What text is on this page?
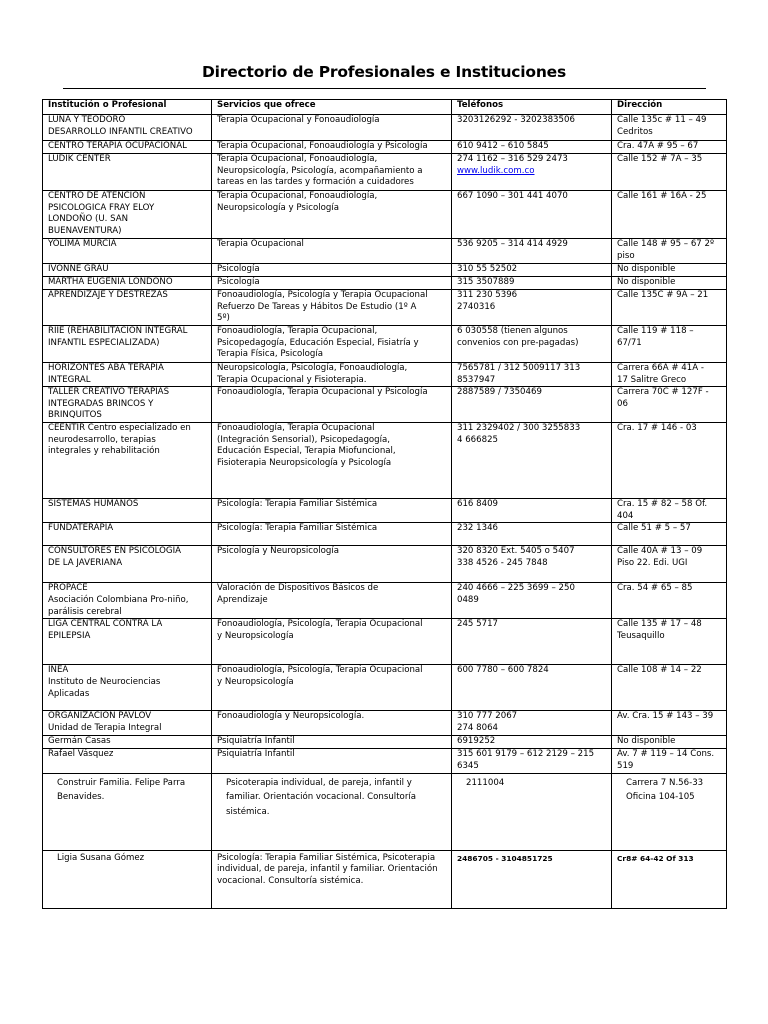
Directorio de Profesionales e Instituciones
Institución o Profesional	Servicios que ofrece	Teléfonos	Dirección

LUNA Y TEODORO
DESARROLLO INFANTIL CREATIVO	Terapia Ocupacional y Fonoaudiología	3203126292 - 3202383506	Calle 135c # 11 – 49
Cedritos

CENTRO TERAPIA OCUPACIONAL	Terapia Ocupacional, Fonoaudiología y Psicología	610 9412 – 610 5845	Cra. 47A # 95 – 67

LUDIK CENTER	Terapia Ocupacional, Fonoaudiología,
Neuropsicología, Psicología, acompañamiento a
tareas en las tardes y formación a cuidadores	274 1162 – 316 529 2473
www.ludik.com.co	Calle 152 # 7A – 35

CENTRO DE ATENCION
PSICOLOGICA FRAY ELOY
LONDOÑO (U. SAN
BUENAVENTURA)	Terapia Ocupacional, Fonoaudiología,
Neuropsicología y Psicología	667 1090 – 301 441 4070	Calle 161 # 16A - 25

YOLIMA MURCIA	Terapia Ocupacional	536 9205 – 314 414 4929	Calle 148 # 95 – 67 2º
piso

IVONNE GRAU	Psicología	310 55 52502	No disponible

MARTHA EUGENIA LONDOÑO	Psicología	315 3507889	No disponible

APRENDIZAJE Y DESTREZAS	Fonoaudiología, Psicología y Terapia Ocupacional
Refuerzo De Tareas y Hábitos De Estudio (1º A
5º)	311 230 5396
2740316	Calle 135C # 9A – 21

RIIE (REHABILITACIÓN INTEGRAL
INFANTIL ESPECIALIZADA)	Fonoaudiología, Terapia Ocupacional,
Psicopedagogía, Educación Especial, Fisiatría y
Terapia Física, Psicología	6 030558 (tienen algunos
convenios con pre-pagadas)	Calle 119 # 118 –
67/71

HORIZONTES ABA TERAPIA
INTEGRAL	Neuropsicología, Psicología, Fonoaudiología,
Terapia Ocupacional y Fisioterapia.	7565781 / 312 5009117 313
8537947	Carrera 66A # 41A -
17 Salitre Greco

TALLER CREATIVO TERAPIAS
INTEGRADAS BRINCOS Y
BRINQUITOS	Fonoaudiología, Terapia Ocupacional y Psicología	2887589 / 7350469	Carrera 70C # 127F -
06

CEENTIR Centro especializado en
neurodesarrollo, terapias
integrales y rehabilitación	Fonoaudiología, Terapia Ocupacional
(Integración Sensorial), Psicopedagogía,
Educación Especial, Terapia Miofuncional,
Fisioterapia Neuropsicología y Psicología	311 2329402 / 300 3255833
4 666825	Cra. 17 # 146 - 03

SISTEMAS HUMANOS	Psicología: Terapia Familiar Sistémica	616 8409	Cra. 15 # 82 – 58 Of.
404

FUNDATERAPIA	Psicología: Terapia Familiar Sistémica	232 1346	Calle 51 # 5 – 57

CONSULTORES EN PSICOLOGÍA
DE LA JAVERIANA	Psicología y Neuropsicología	320 8320 Ext. 5405 o 5407
338 4526 - 245 7848	Calle 40A # 13 – 09
Piso 22. Edi. UGI

PROPACE
Asociación Colombiana Pro-niño,
parálisis cerebral	Valoración de Dispositivos Básicos de
Aprendizaje	240 4666 – 225 3699 – 250
0489	Cra. 54 # 65 – 85

LIGA CENTRAL CONTRA LA
EPILEPSIA	Fonoaudiología, Psicología, Terapia Ocupacional
y Neuropsicología	245 5717	Calle 135 # 17 – 48
Teusaquillo

INEA
Instituto de Neurociencias
Aplicadas	Fonoaudiología, Psicología, Terapia Ocupacional
y Neuropsicología	600 7780 – 600 7824	Calle 108 # 14 – 22

ORGANIZACIÓN PAVLOV
Unidad de Terapia Integral	Fonoaudiología y Neuropsicología.	310 777 2067
274 8064	Av. Cra. 15 # 143 – 39

Germán Casas	Psiquiatría Infantil	6919252	No disponible

Rafael Vásquez	Psiquiatría Infantil	315 601 9179 – 612 2129 – 215
6345	Av. 7 # 119 – 14 Cons.
519

Construir Familia. Felipe Parra
Benavides.	Psicoterapia individual, de pareja, infantil y
familiar. Orientación vocacional. Consultoría
sistémica.	2111004	Carrera 7 N.56-33
Oficina 104-105

Ligia Susana Gómez	Psicología: Terapia Familiar Sistémica, Psicoterapia
individual, de pareja, infantil y familiar. Orientación
vocacional. Consultoría sistémica.	2486705 - 3104851725	Cr8# 64-42 Of 313
